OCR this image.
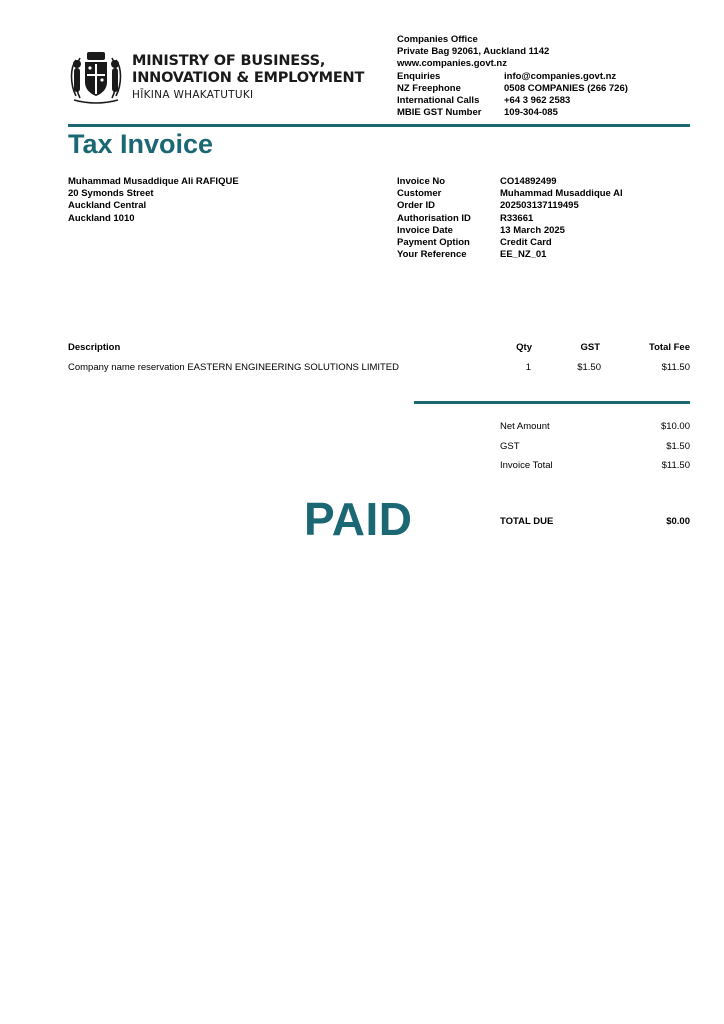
MINISTRY OF BUSINESS,
INNOVATION & EMPLOYMENT
HĪKINA WHAKATUTUKI
Companies Office
Private Bag 92061, Auckland 1142
www.companies.govt.nz
Enquiries	info@companies.govt.nz
NZ Freephone	0508 COMPANIES (266 726)
International Calls	+64 3 962 2583
MBIE GST Number	109-304-085
Tax Invoice
Muhammad Musaddique Ali RAFIQUE
20 Symonds Street
Auckland Central
Auckland 1010
Invoice No	CO14892499
Customer	Muhammad Musaddique Al
Order ID	202503137119495
Authorisation ID	R33661
Invoice Date	13 March 2025
Payment Option	Credit Card
Your Reference	EE_NZ_01
Description	Qty	GST	Total Fee
Company name reservation EASTERN ENGINEERING SOLUTIONS LIMITED	1	$1.50	$11.50
Net Amount	$10.00
GST	$1.50
Invoice Total	$11.50
TOTAL DUE	$0.00
PAID
